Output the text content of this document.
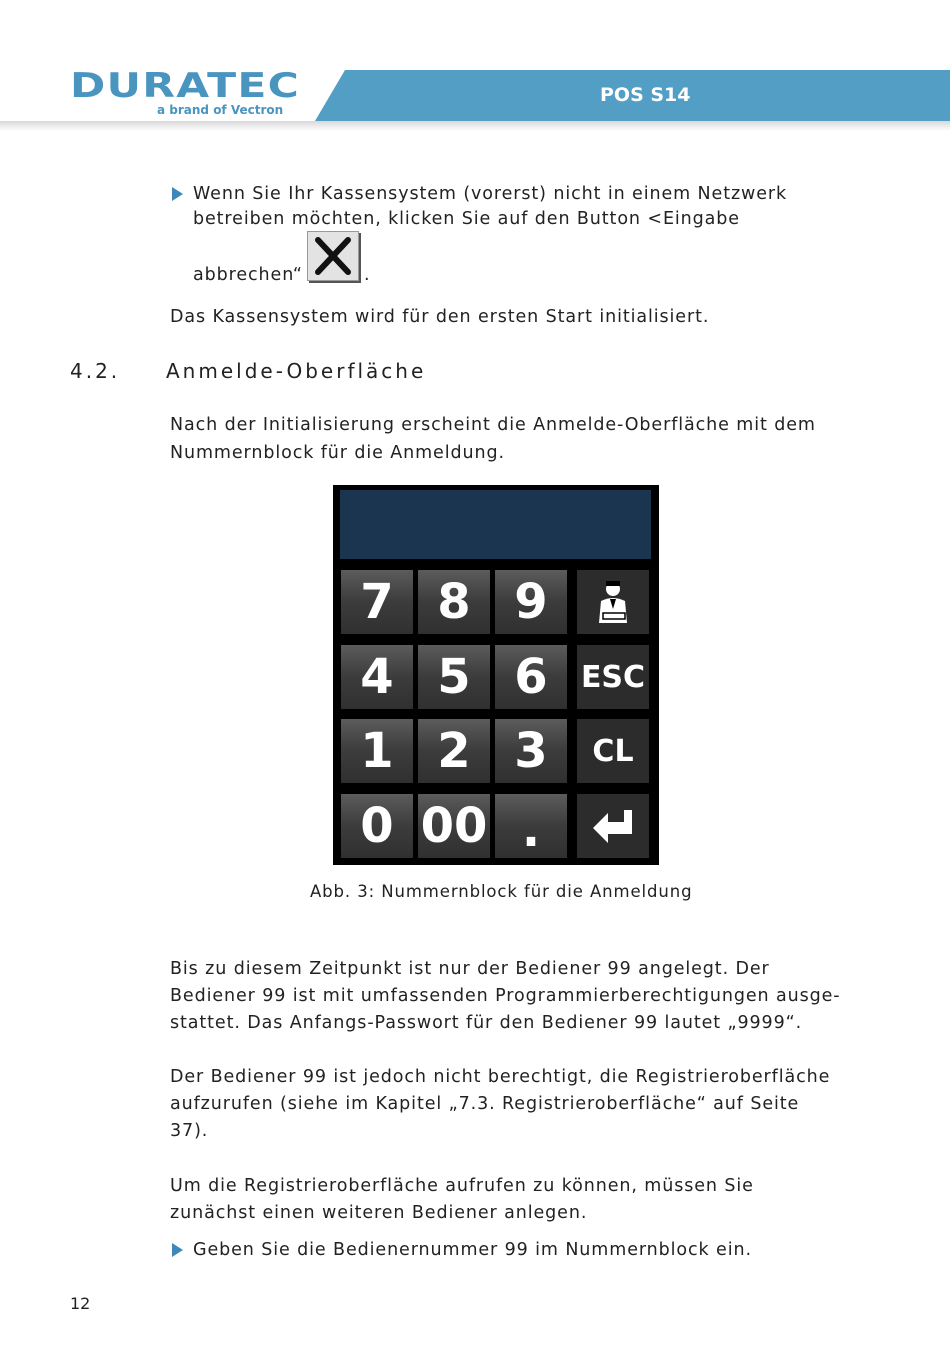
DURATEC
a brand of Vectron
POS S14
Wenn Sie Ihr Kassensystem (vorerst) nicht in einem Netzwerk
betreiben möchten, klicken Sie auf den Button <Eingabe
abbrechen“	.
Das Kassensystem wird für den ersten Start initialisiert.
4.2. Anmelde-Oberfläche
Nach der Initialisierung erscheint die Anmelde-Oberfläche mit dem
Nummernblock für die Anmeldung.
7 8 9
4 5 6	ESC
1 2 3	CL
0 00 .
Abb. 3: Nummernblock für die Anmeldung
Bis zu diesem Zeitpunkt ist nur der Bediener 99 angelegt. Der
Bediener 99 ist mit umfassenden Programmierberechtigungen ausge-
stattet. Das Anfangs-Passwort für den Bediener 99 lautet „9999“.
Der Bediener 99 ist jedoch nicht berechtigt, die Registrieroberfläche
aufzurufen (siehe im Kapitel „7.3. Registrieroberfläche“ auf Seite
37).
Um die Registrieroberfläche aufrufen zu können, müssen Sie
zunächst einen weiteren Bediener anlegen.
Geben Sie die Bedienernummer 99 im Nummernblock ein.
12
